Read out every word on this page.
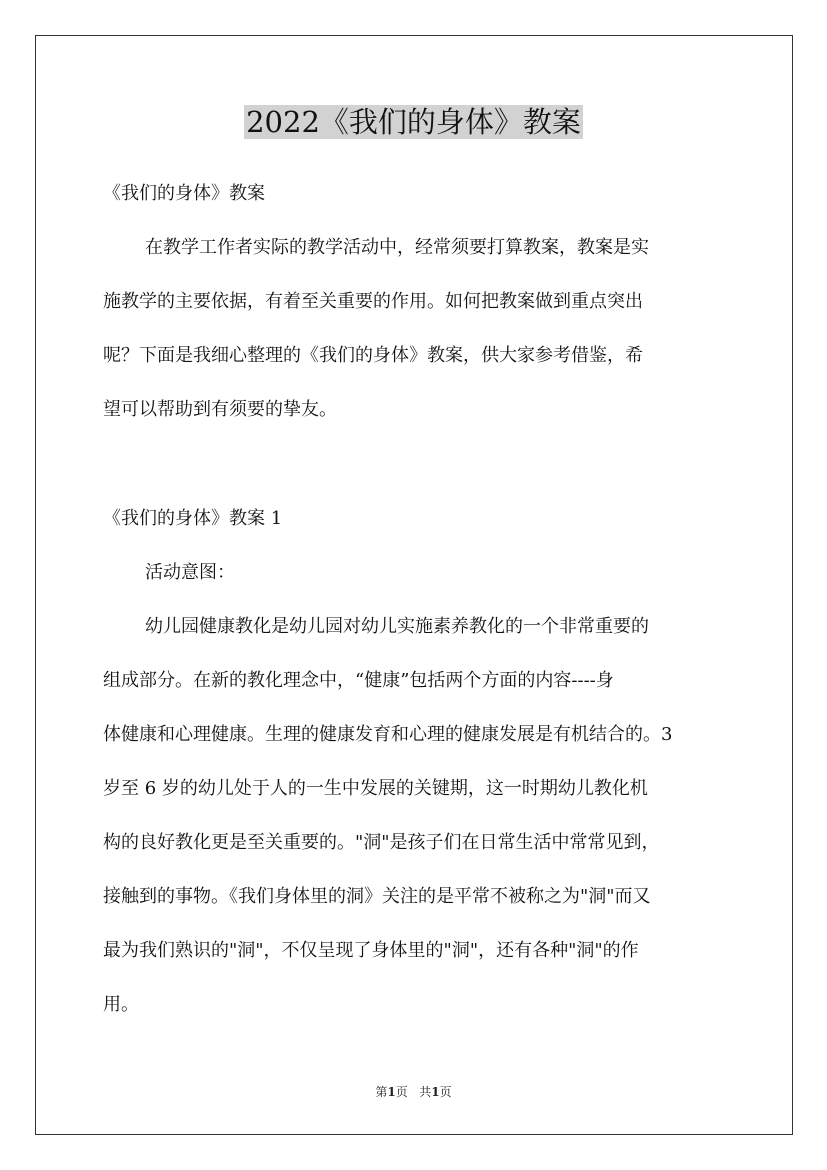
2022《我们的身体》教案
《我们的身体》教案
在教学工作者实际的教学活动中，经常须要打算教案，教案是实
施教学的主要依据，有着至关重要的作用。如何把教案做到重点突出
呢？下面是我细心整理的《我们的身体》教案，供大家参考借鉴，希
望可以帮助到有须要的挚友。
《我们的身体》教案 1
活动意图：
幼儿园健康教化是幼儿园对幼儿实施素养教化的一个非常重要的
组成部分。在新的教化理念中，“健康”包括两个方面的内容----身
体健康和心理健康。生理的健康发育和心理的健康发展是有机结合的。3
岁至 6 岁的幼儿处于人的一生中发展的关键期，这一时期幼儿教化机
构的良好教化更是至关重要的。"洞"是孩子们在日常生活中常常见到，
接触到的事物。《我们身体里的洞》关注的是平常不被称之为"洞"而又
最为我们熟识的"洞"，不仅呈现了身体里的"洞"，还有各种"洞"的作
用。
第1页 共1页
